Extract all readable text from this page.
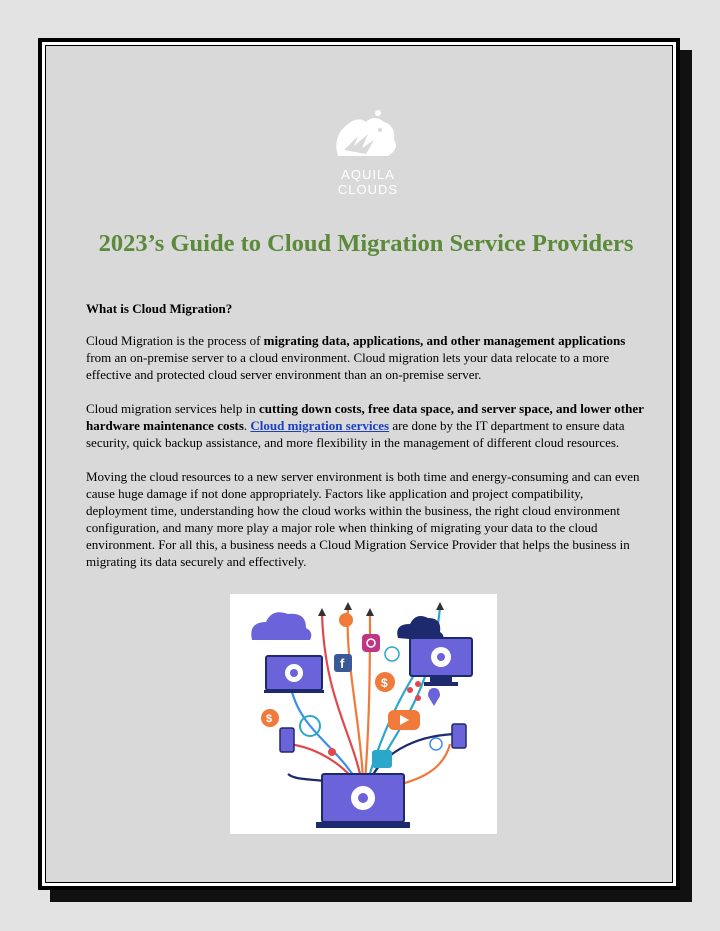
AQUILA
CLOUDS
2023’s Guide to Cloud Migration Service Providers
What is Cloud Migration?

Cloud Migration is the process of migrating data, applications, and other management applications from an on-premise server to a cloud environment. Cloud migration lets your data relocate to a more effective and protected cloud server environment than an on-premise server.

Cloud migration services help in cutting down costs, free data space, and server space, and lower other hardware maintenance costs. Cloud migration services are done by the IT department to ensure data security, quick backup assistance, and more flexibility in the management of different cloud resources.

Moving the cloud resources to a new server environment is both time and energy-consuming and can even cause huge damage if not done appropriately. Factors like application and project compatibility, deployment time, understanding how the cloud works within the business, the right cloud environment configuration, and many more play a major role when thinking of migrating your data to the cloud environment. For all this, a business needs a Cloud Migration Service Provider that helps the business in migrating its data securely and effectively.

f
$
$
